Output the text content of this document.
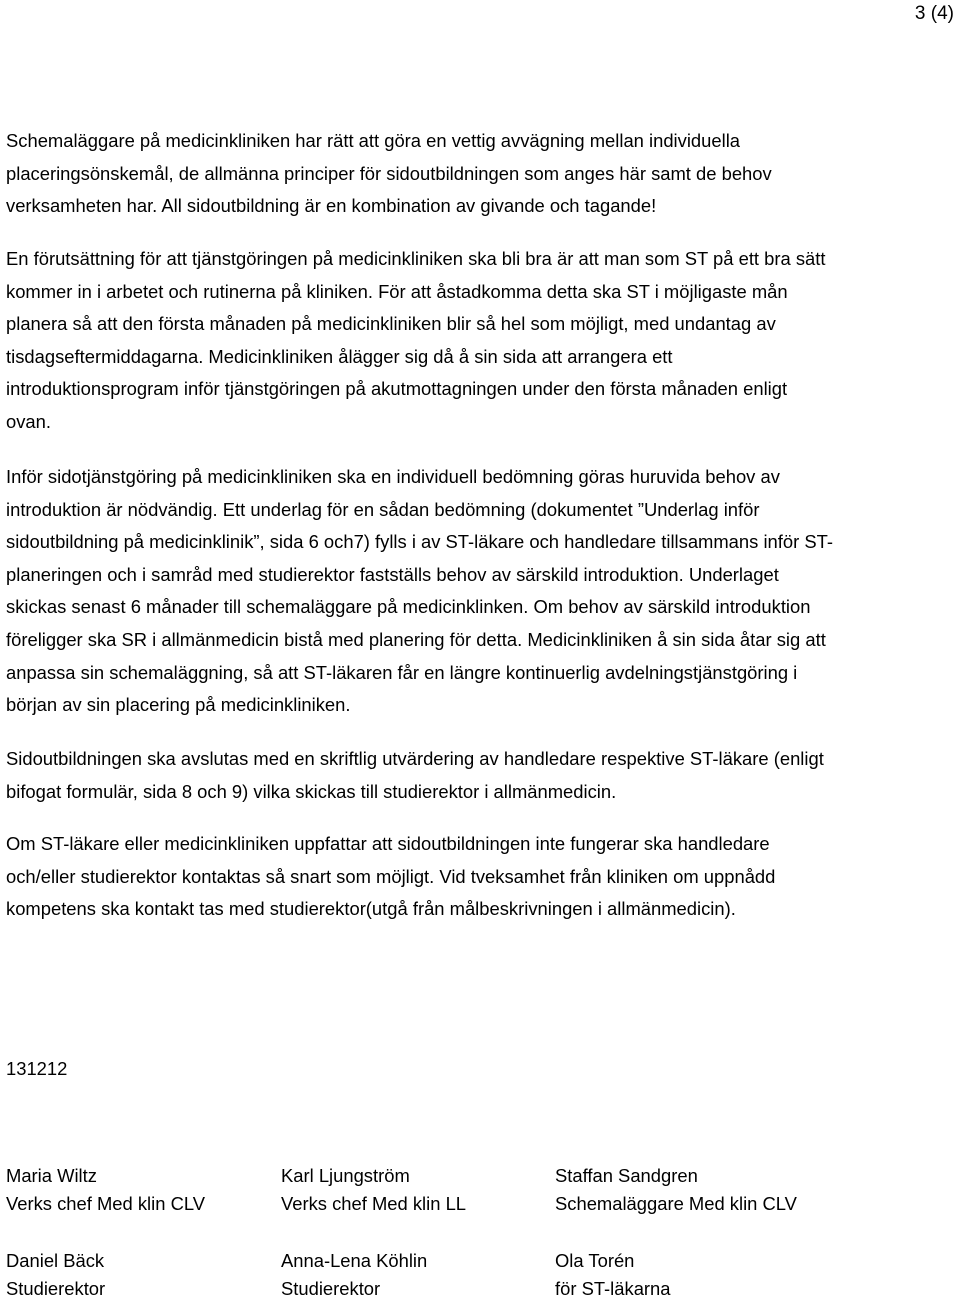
3 (4)
Schemaläggare på medicinkliniken har rätt att göra en vettig avvägning mellan individuella
placeringsönskemål, de allmänna principer för sidoutbildningen som anges här samt de behov
verksamheten har. All sidoutbildning är en kombination av givande och tagande!
En förutsättning för att tjänstgöringen på medicinkliniken ska bli bra är att man som ST på ett bra sätt
kommer in i arbetet och rutinerna på kliniken. För att åstadkomma detta ska ST i möjligaste mån
planera så att den första månaden på medicinkliniken blir så hel som möjligt, med undantag av
tisdagseftermiddagarna. Medicinkliniken ålägger sig då å sin sida att arrangera ett
introduktionsprogram inför tjänstgöringen på akutmottagningen under den första månaden enligt
ovan.
Inför sidotjänstgöring på medicinkliniken ska en individuell bedömning göras huruvida behov av
introduktion är nödvändig. Ett underlag för en sådan bedömning (dokumentet ”Underlag inför
sidoutbildning på medicinklinik”, sida 6 och7) fylls i av ST-läkare och handledare tillsammans inför ST-
planeringen och i samråd med studierektor fastställs behov av särskild introduktion. Underlaget
skickas senast 6 månader till schemaläggare på medicinklinken. Om behov av särskild introduktion
föreligger ska SR i allmänmedicin bistå med planering för detta. Medicinkliniken å sin sida åtar sig att
anpassa sin schemaläggning, så att ST-läkaren får en längre kontinuerlig avdelningstjänstgöring i
början av sin placering på medicinkliniken.
Sidoutbildningen ska avslutas med en skriftlig utvärdering av handledare respektive ST-läkare (enligt
bifogat formulär, sida 8 och 9) vilka skickas till studierektor i allmänmedicin.
Om ST-läkare eller medicinkliniken uppfattar att sidoutbildningen inte fungerar ska handledare
och/eller studierektor kontaktas så snart som möjligt. Vid tveksamhet från kliniken om uppnådd
kompetens ska kontakt tas med studierektor(utgå från målbeskrivningen i allmänmedicin).
131212
Maria Wiltz
Verks chef Med klin CLV
Karl Ljungström
Verks chef Med klin LL
Staffan Sandgren
Schemaläggare Med klin CLV
Daniel Bäck
Studierektor
Anna-Lena Köhlin
Studierektor
Ola Torén
för ST-läkarna
